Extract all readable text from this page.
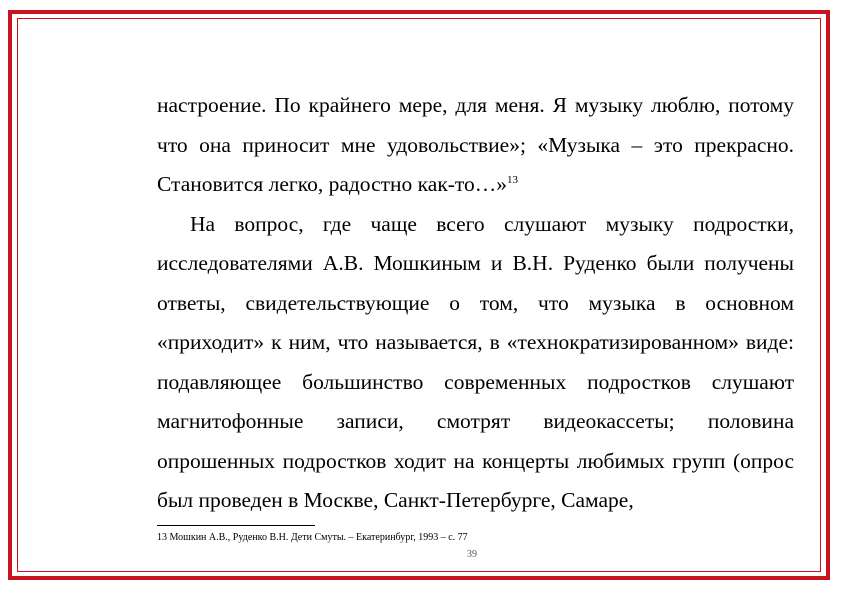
настроение. По крайнего мере, для меня. Я музыку люблю, потому что она приносит мне удовольствие»; «Музыка – это прекрасно. Становится легко, радостно как-то…»$^{13}$

На вопрос, где чаще всего слушают музыку подростки, исследователями А.В. Мошкиным и В.Н. Руденко были получены ответы, свидетельствующие о том, что музыка в основном «приходит» к ним, что называется, в «технократизированном» виде: подавляющее большинство современных подростков слушают магнитофонные записи, смотрят видеокассеты; половина опрошенных подростков ходит на концерты любимых групп (опрос был проведен в Москве, Санкт-Петербурге, Самаре,

13 Мошкин А.В., Руденко В.Н. Дети Смуты. – Екатеринбург, 1993 – с. 77
39
